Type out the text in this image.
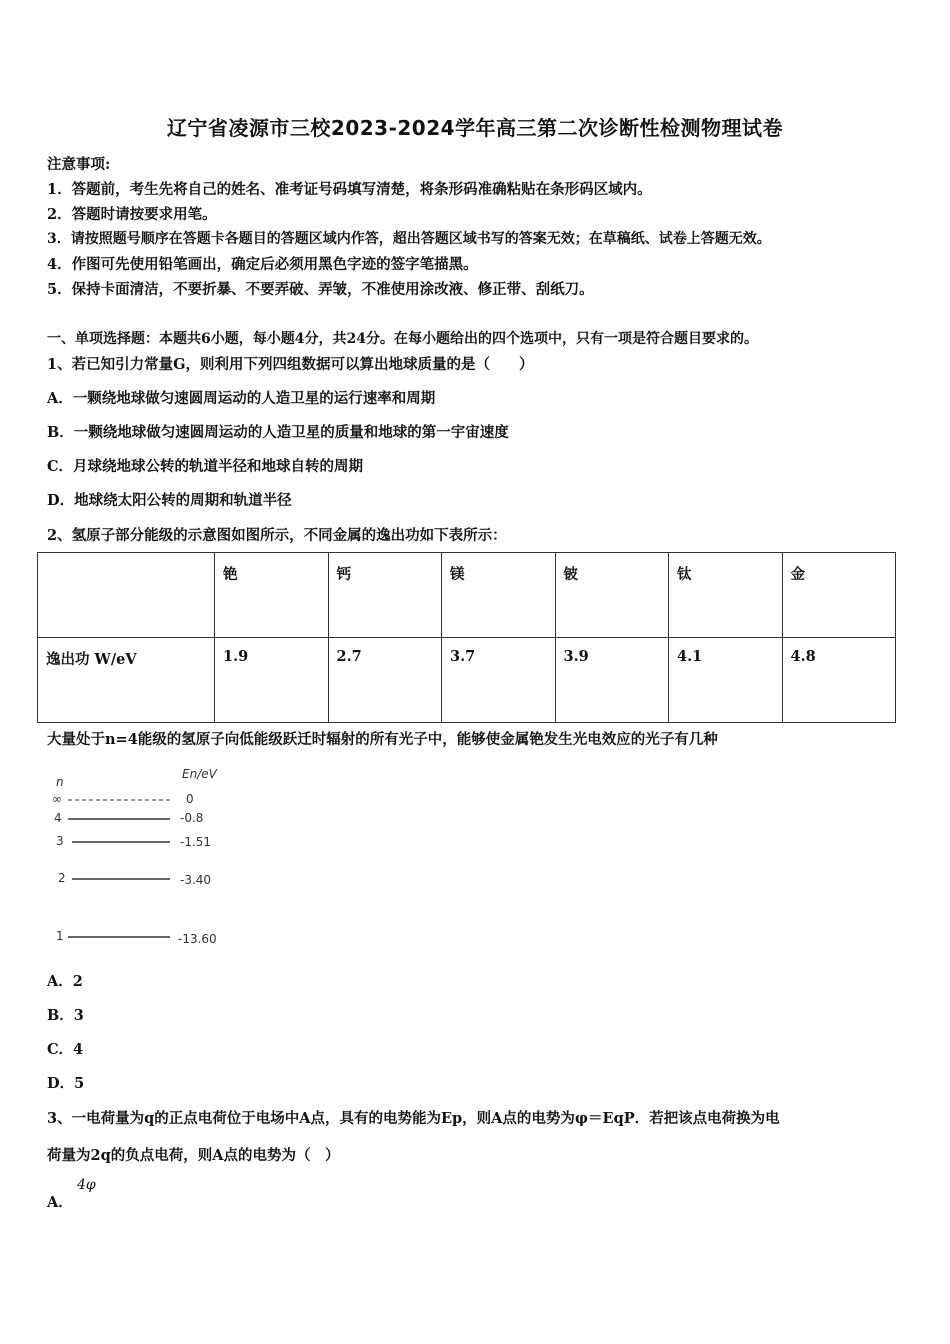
辽宁省凌源市三校2023-2024学年高三第二次诊断性检测物理试卷
注意事项:
1．答题前，考生先将自己的姓名、准考证号码填写清楚，将条形码准确粘贴在条形码区域内。
2．答题时请按要求用笔。
3．请按照题号顺序在答题卡各题目的答题区域内作答，超出答题区域书写的答案无效；在草稿纸、试卷上答题无效。
4．作图可先使用铅笔画出，确定后必须用黑色字迹的签字笔描黑。
5．保持卡面清洁，不要折暴、不要弄破、弄皱，不准使用涂改液、修正带、刮纸刀。
一、单项选择题：本题共6小题，每小题4分，共24分。在每小题给出的四个选项中，只有一项是符合题目要求的。
1、若已知引力常量G，则利用下列四组数据可以算出地球质量的是（　　）
A．一颗绕地球做匀速圆周运动的人造卫星的运行速率和周期
B．一颗绕地球做匀速圆周运动的人造卫星的质量和地球的第一宇宙速度
C．月球绕地球公转的轨道半径和地球自转的周期
D．地球绕太阳公转的周期和轨道半径
2、氢原子部分能级的示意图如图所示，不同金属的逸出功如下表所示：
	铯	钙	镁	铍	钛	金
逸出功 W/eV	1.9	2.7	3.7	3.9	4.1	4.8
大量处于n=4能级的氢原子向低能级跃迁时辐射的所有光子中，能够使金属铯发生光电效应的光子有几种
n
En/eV
∞	0
4	-0.8
3	-1.51
2	-3.40
1	-13.60
A．2
B．3
C．4
D．5
3、一电荷量为q的正点电荷位于电场中A点，具有的电势能为Ep，则A点的电势为φ＝EqP．若把该点电荷换为电
荷量为2q的负点电荷，则A点的电势为（　）
A．
4φ
